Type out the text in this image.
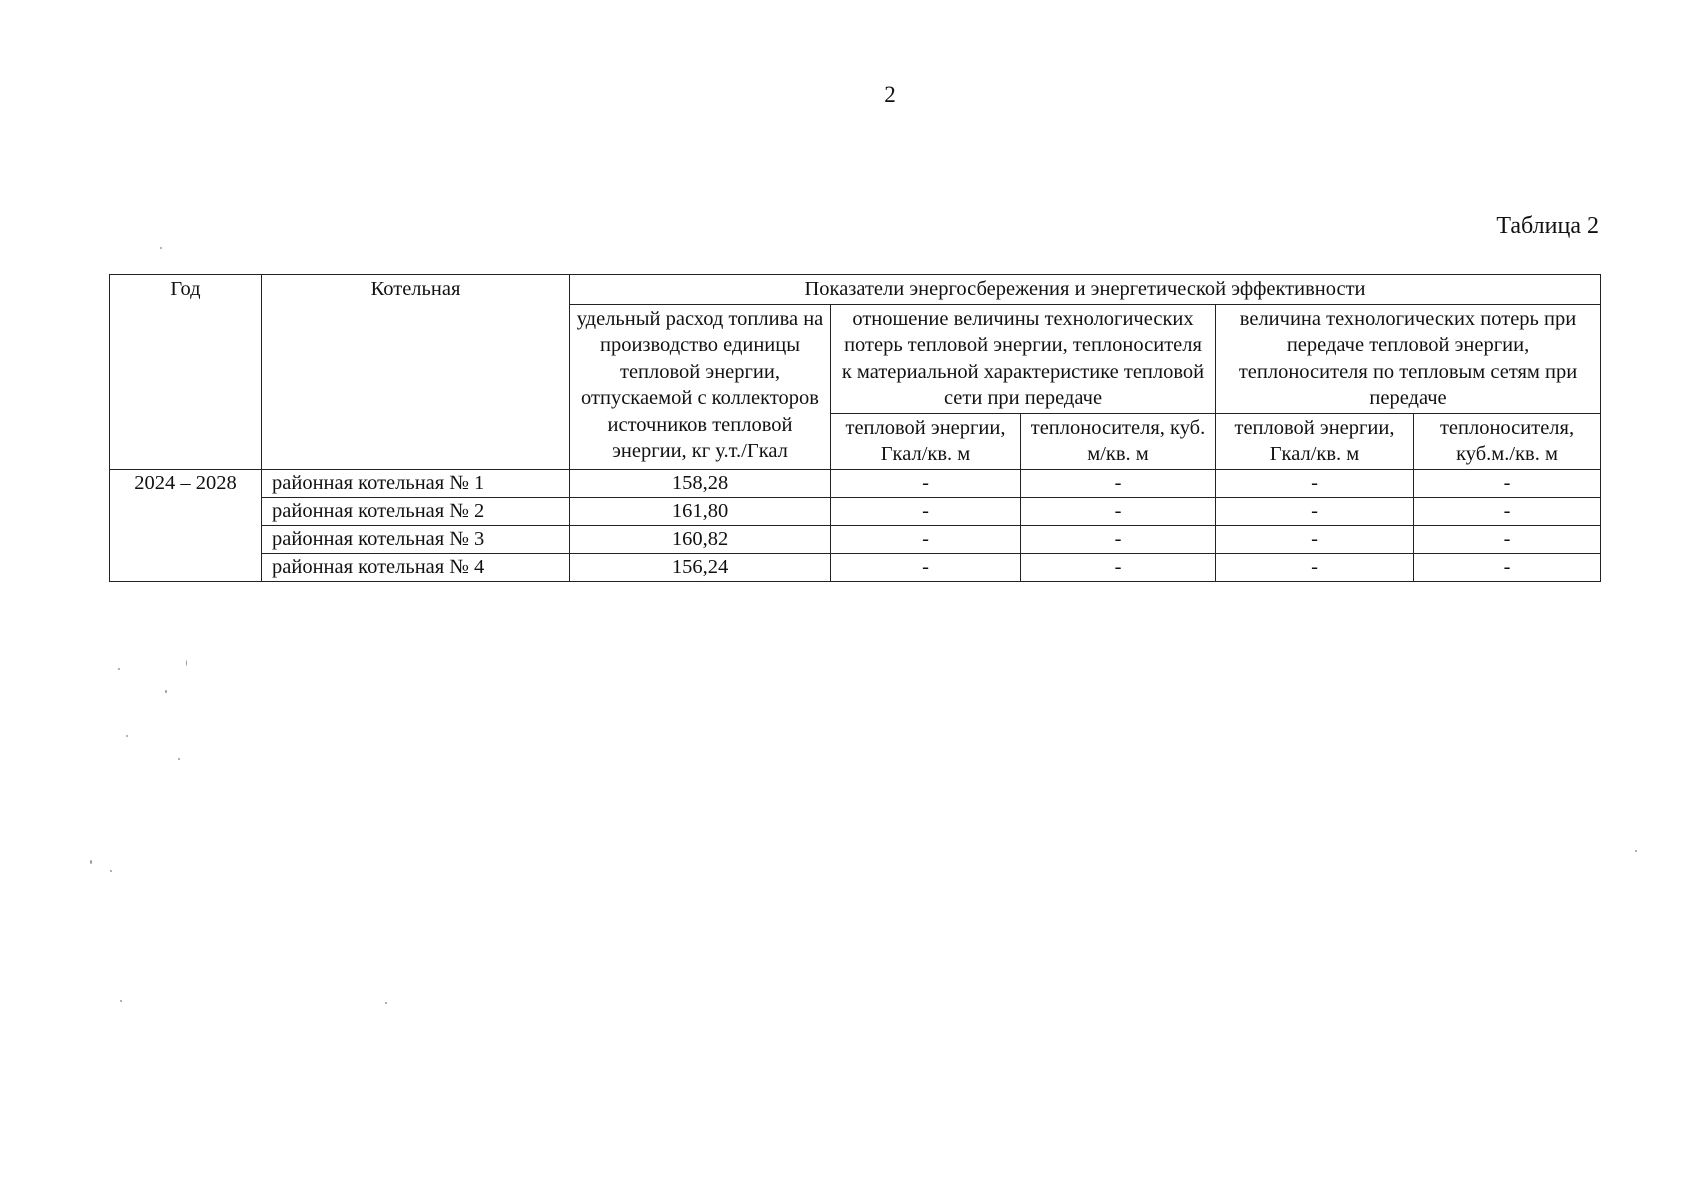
2
Таблица 2
Год	Котельная	Показатели энергосбережения и энергетической эффективности				
		удельный расход топлива на производство единицы тепловой энергии, отпускаемой с коллекторов источников тепловой энергии, кг у.т./Гкал	отношение величины технологических потерь тепловой энергии, теплоносителя к материальной характеристике тепловой сети при передаче		величина технологических потерь при передаче тепловой энергии, теплоносителя по тепловым сетям при передаче	
			тепловой энергии, Гкал/кв. м	теплоносителя, куб. м/кв. м	тепловой энергии, Гкал/кв. м	теплоносителя, куб.м./кв. м
2024 – 2028	районная котельная № 1	158,28	-	-	-	-
	районная котельная № 2	161,80	-	-	-	-
	районная котельная № 3	160,82	-	-	-	-
	районная котельная № 4	156,24	-	-	-	-
